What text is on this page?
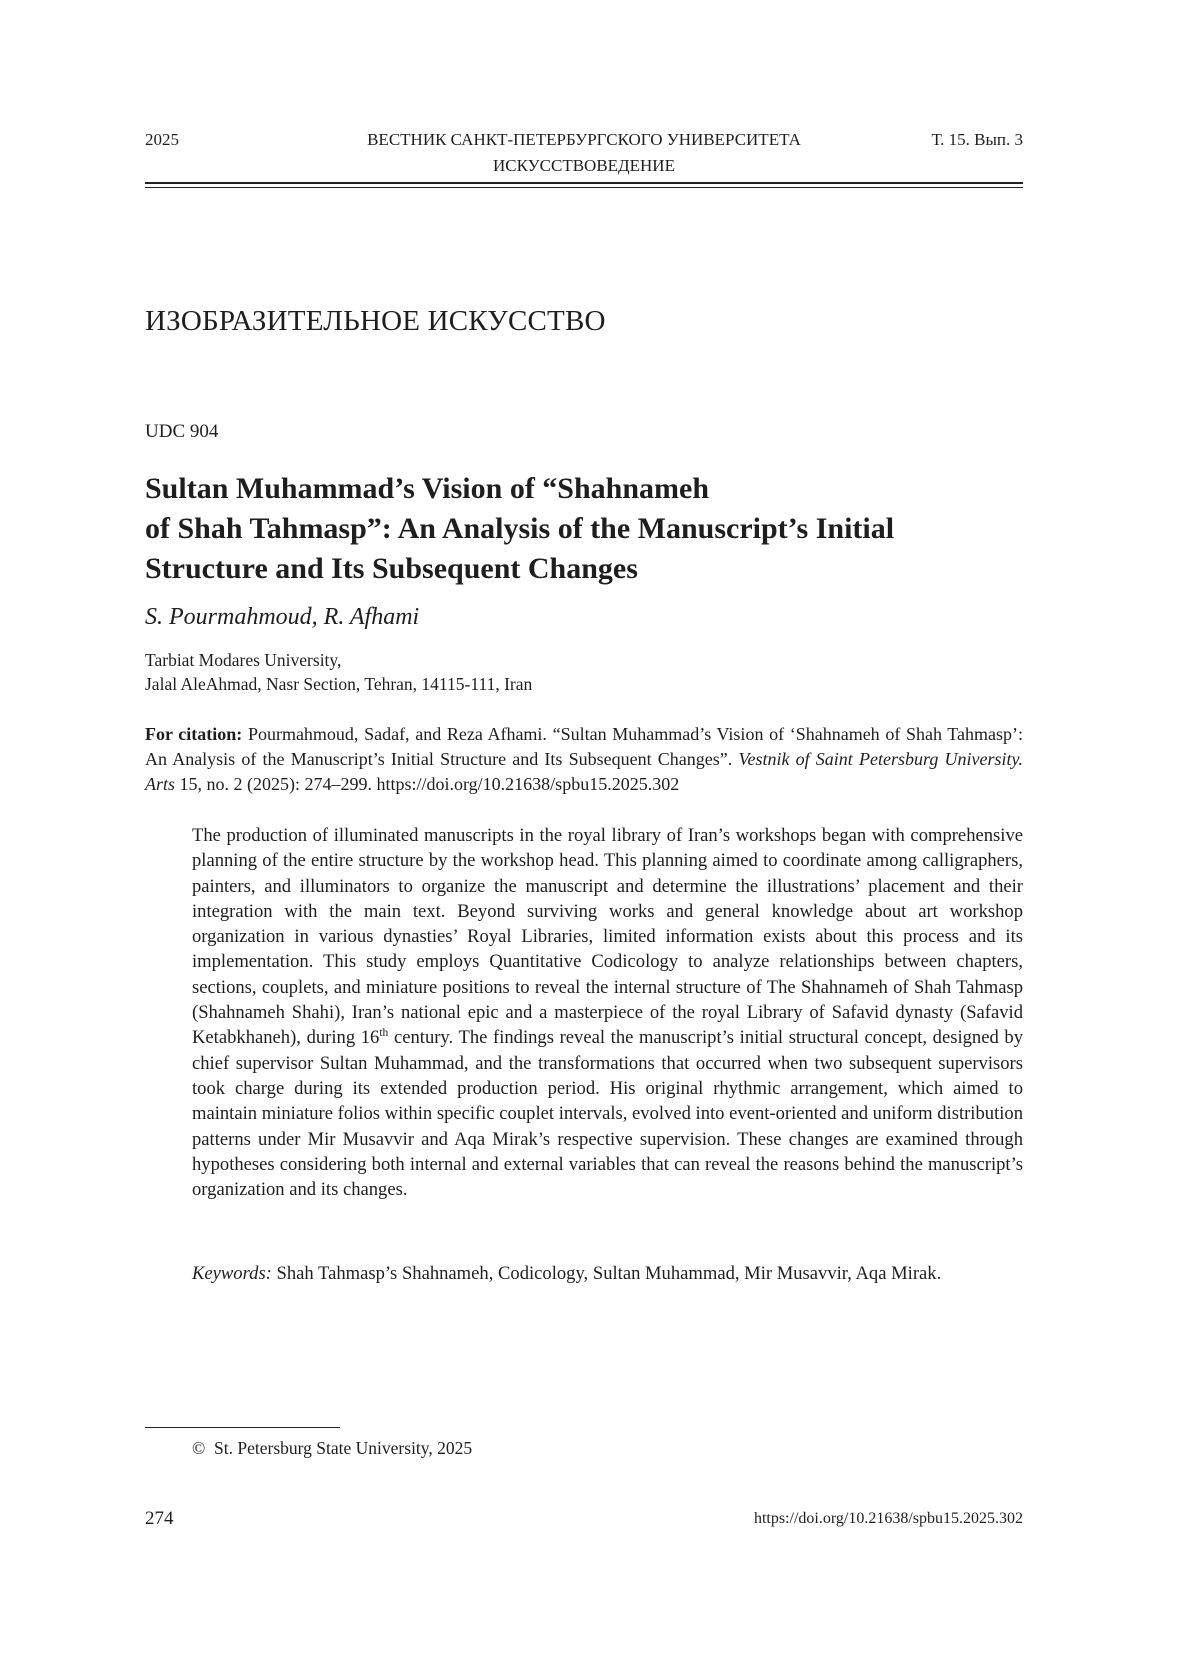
2025	ВЕСТНИК САНКТ-ПЕТЕРБУРГСКОГО УНИВЕРСИТЕТА
ИСКУССТВОВЕДЕНИЕ
Т. 15. Вып. 3
ИЗОБРАЗИТЕЛЬНОЕ ИСКУССТВО
UDC 904
Sultan Muhammad’s Vision of “Shahnameh
of Shah Tahmasp”: An Analysis of the Manuscript’s Initial
Structure and Its Subsequent Changes
S. Pourmahmoud, R. Afhami
Tarbiat Modares University,
Jalal AleAhmad, Nasr Section, Tehran, 14115-111, Iran
For citation: Pourmahmoud, Sadaf, and Reza Afhami. “Sultan Muhammad’s Vision of ‘Shahnameh of Shah Tahmasp’: An Analysis of the Manuscript’s Initial Structure and Its Subsequent Changes”. Vestnik of Saint Petersburg University. Arts 15, no. 2 (2025): 274–299. https://doi.org/10.21638/spbu15.2025.302
The production of illuminated manuscripts in the royal library of Iran’s workshops began with comprehensive planning of the entire structure by the workshop head. This planning aimed to coordinate among calligraphers, painters, and illuminators to organize the manuscript and determine the illustrations’ placement and their integration with the main text. Beyond surviving works and general knowledge about art workshop organization in various dynasties’ Royal Libraries, limited information exists about this process and its implementation. This study employs Quantitative Codicology to analyze relationships between chapters, sections, couplets, and miniature positions to reveal the internal structure of The Shahnameh of Shah Tahmasp (Shahnameh Shahi), Iran’s national epic and a masterpiece of the royal Library of Safavid dynasty (Safavid Ketabkhaneh), during 16th century. The findings reveal the manuscript’s initial structural concept, designed by chief supervisor Sultan Muhammad, and the transformations that occurred when two subsequent supervisors took charge during its extended production period. His original rhythmic arrangement, which aimed to maintain miniature folios within specific couplet intervals, evolved into event-oriented and uniform distribution patterns under Mir Musavvir and Aqa Mirak’s respective supervision. These changes are examined through hypotheses considering both internal and external variables that can reveal the reasons behind the manuscript’s organization and its changes.
Keywords: Shah Tahmasp’s Shahnameh, Codicology, Sultan Muhammad, Mir Musavvir, Aqa Mirak.
© St. Petersburg State University, 2025
274	https://doi.org/10.21638/spbu15.2025.302
